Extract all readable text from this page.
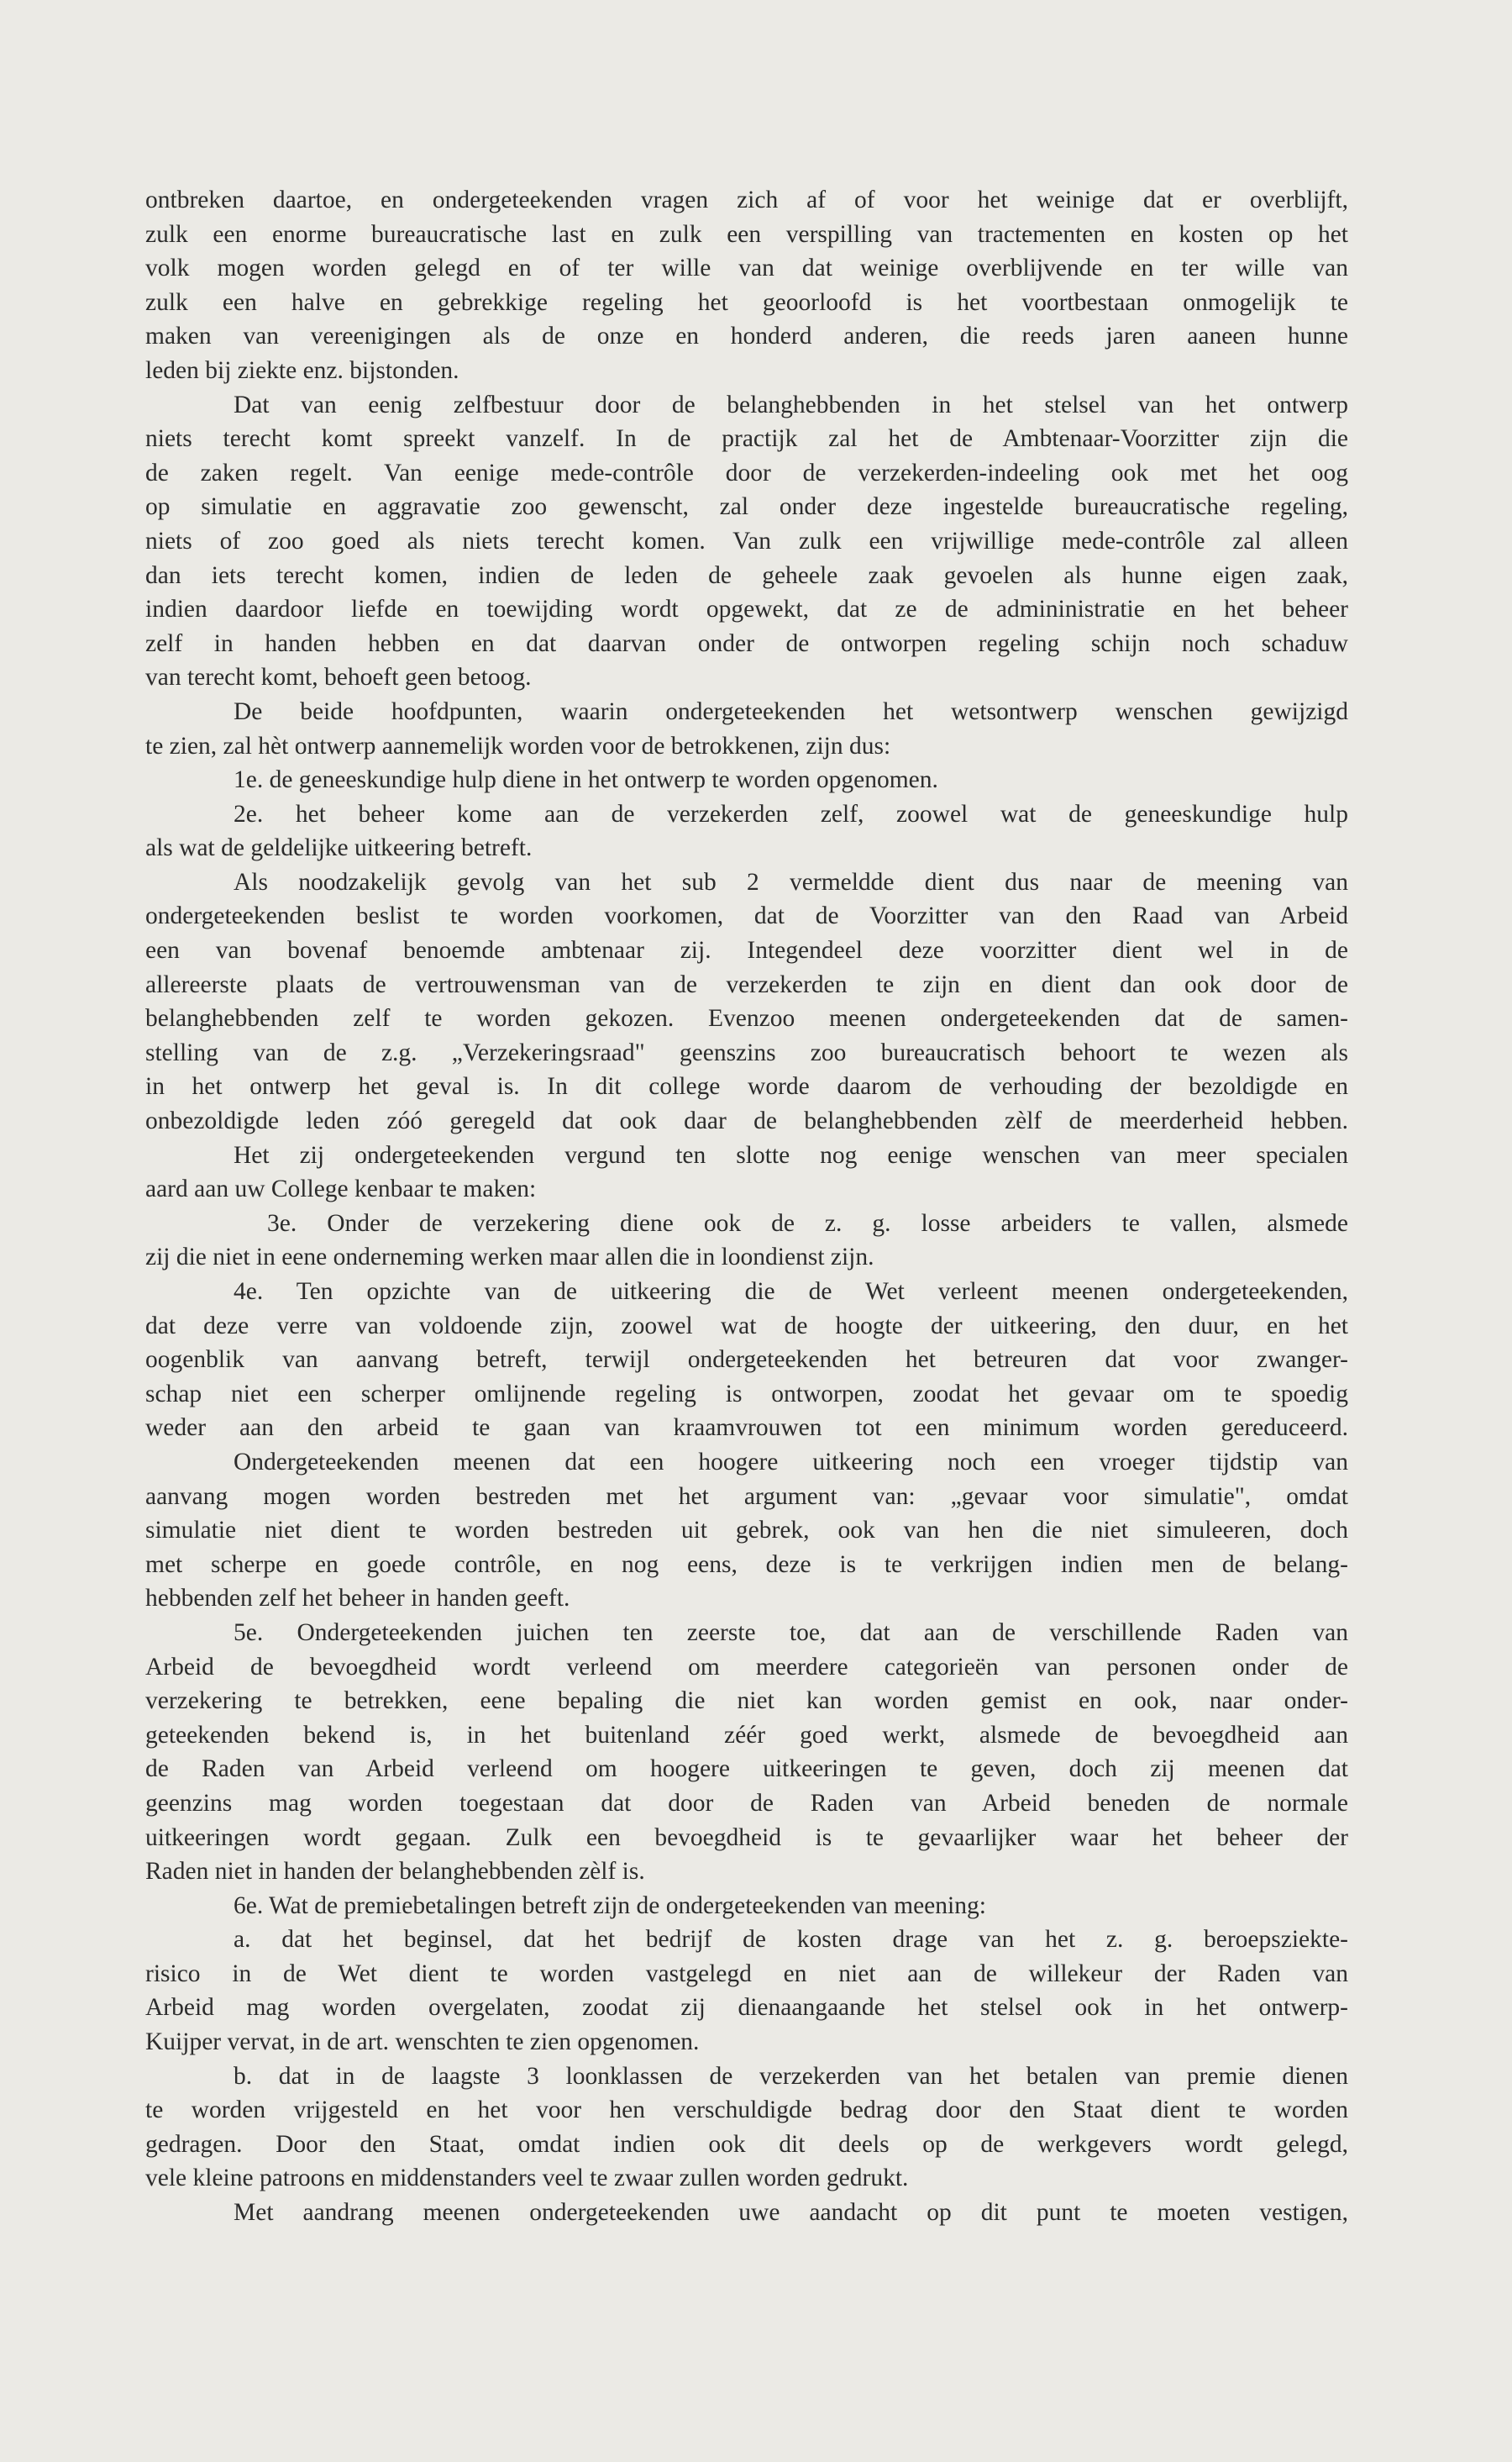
ontbreken daartoe, en ondergeteekenden vragen zich af of voor het weinige dat er overblijft,
zulk een enorme bureaucratische last en zulk een verspilling van tractementen en kosten op het
volk mogen worden gelegd en of ter wille van dat weinige overblijvende en ter wille van
zulk een halve en gebrekkige regeling het geoorloofd is het voortbestaan onmogelijk te
maken van vereenigingen als de onze en honderd anderen, die reeds jaren aaneen hunne
leden bij ziekte enz. bijstonden.
Dat van eenig zelfbestuur door de belanghebbenden in het stelsel van het ontwerp
niets terecht komt spreekt vanzelf. In de practijk zal het de Ambtenaar-Voorzitter zijn die
de zaken regelt. Van eenige mede-contrôle door de verzekerden-indeeling ook met het oog
op simulatie en aggravatie zoo gewenscht, zal onder deze ingestelde bureaucratische regeling,
niets of zoo goed als niets terecht komen. Van zulk een vrijwillige mede-contrôle zal alleen
dan iets terecht komen, indien de leden de geheele zaak gevoelen als hunne eigen zaak,
indien daardoor liefde en toewijding wordt opgewekt, dat ze de admininistratie en het beheer
zelf in handen hebben en dat daarvan onder de ontworpen regeling schijn noch schaduw
van terecht komt, behoeft geen betoog.
De beide hoofdpunten, waarin ondergeteekenden het wetsontwerp wenschen gewijzigd
te zien, zal hèt ontwerp aannemelijk worden voor de betrokkenen, zijn dus:
1e. de geneeskundige hulp diene in het ontwerp te worden opgenomen.
2e. het beheer kome aan de verzekerden zelf, zoowel wat de geneeskundige hulp
als wat de geldelijke uitkeering betreft.
Als noodzakelijk gevolg van het sub 2 vermeldde dient dus naar de meening van
ondergeteekenden beslist te worden voorkomen, dat de Voorzitter van den Raad van Arbeid
een van bovenaf benoemde ambtenaar zij. Integendeel deze voorzitter dient wel in de
allereerste plaats de vertrouwensman van de verzekerden te zijn en dient dan ook door de
belanghebbenden zelf te worden gekozen. Evenzoo meenen ondergeteekenden dat de samen-
stelling van de z.g. „Verzekeringsraad" geenszins zoo bureaucratisch behoort te wezen als
in het ontwerp het geval is. In dit college worde daarom de verhouding der bezoldigde en
onbezoldigde leden zóó geregeld dat ook daar de belanghebbenden zèlf de meerderheid hebben.
Het zij ondergeteekenden vergund ten slotte nog eenige wenschen van meer specialen
aard aan uw College kenbaar te maken:
3e. Onder de verzekering diene ook de z. g. losse arbeiders te vallen, alsmede
zij die niet in eene onderneming werken maar allen die in loondienst zijn.
4e. Ten opzichte van de uitkeering die de Wet verleent meenen ondergeteekenden,
dat deze verre van voldoende zijn, zoowel wat de hoogte der uitkeering, den duur, en het
oogenblik van aanvang betreft, terwijl ondergeteekenden het betreuren dat voor zwanger-
schap niet een scherper omlijnende regeling is ontworpen, zoodat het gevaar om te spoedig
weder aan den arbeid te gaan van kraamvrouwen tot een minimum worden gereduceerd.
Ondergeteekenden meenen dat een hoogere uitkeering noch een vroeger tijdstip van
aanvang mogen worden bestreden met het argument van: „gevaar voor simulatie", omdat
simulatie niet dient te worden bestreden uit gebrek, ook van hen die niet simuleeren, doch
met scherpe en goede contrôle, en nog eens, deze is te verkrijgen indien men de belang-
hebbenden zelf het beheer in handen geeft.
5e. Ondergeteekenden juichen ten zeerste toe, dat aan de verschillende Raden van
Arbeid de bevoegdheid wordt verleend om meerdere categorieën van personen onder de
verzekering te betrekken, eene bepaling die niet kan worden gemist en ook, naar onder-
geteekenden bekend is, in het buitenland zéér goed werkt, alsmede de bevoegdheid aan
de Raden van Arbeid verleend om hoogere uitkeeringen te geven, doch zij meenen dat
geenzins mag worden toegestaan dat door de Raden van Arbeid beneden de normale
uitkeeringen wordt gegaan. Zulk een bevoegdheid is te gevaarlijker waar het beheer der
Raden niet in handen der belanghebbenden zèlf is.
6e. Wat de premiebetalingen betreft zijn de ondergeteekenden van meening:
a. dat het beginsel, dat het bedrijf de kosten drage van het z. g. beroepsziekte-
risico in de Wet dient te worden vastgelegd en niet aan de willekeur der Raden van
Arbeid mag worden overgelaten, zoodat zij dienaangaande het stelsel ook in het ontwerp-
Kuijper vervat, in de art. wenschten te zien opgenomen.
b. dat in de laagste 3 loonklassen de verzekerden van het betalen van premie dienen
te worden vrijgesteld en het voor hen verschuldigde bedrag door den Staat dient te worden
gedragen. Door den Staat, omdat indien ook dit deels op de werkgevers wordt gelegd,
vele kleine patroons en middenstanders veel te zwaar zullen worden gedrukt.
Met aandrang meenen ondergeteekenden uwe aandacht op dit punt te moeten vestigen,
